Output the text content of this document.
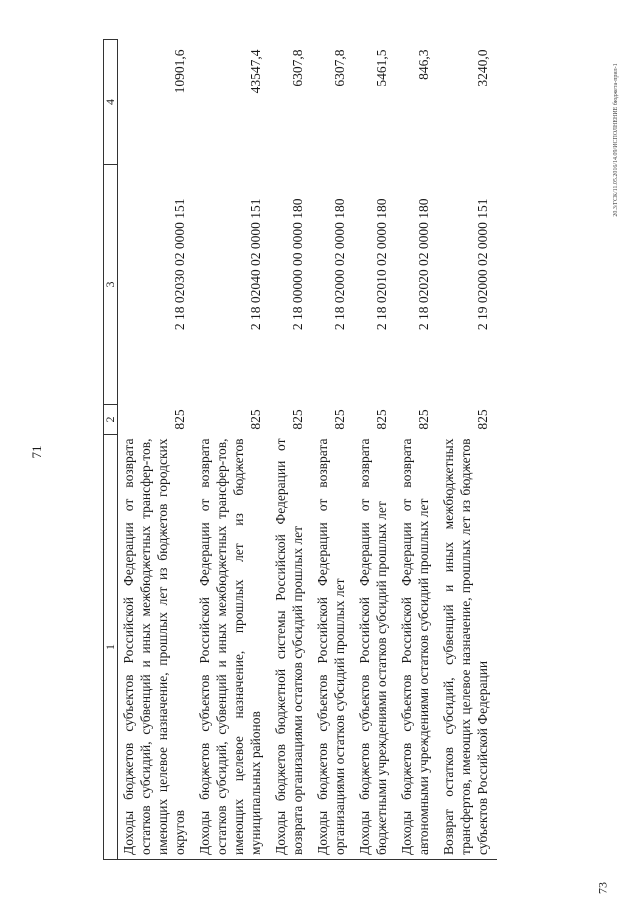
71
73
20.3/ГСК/11.05.2016/14.09/ИСПОЛНЕНИЕ бюджета-прил-1
1	2	3	4
Доходы бюджетов субъектов Российской Федерации от возврата остатков субсидий, субвенций и иных межбюджетных трансфер-тов, имеющих целевое назначение, прошлых лет из бюджетов городских округов	825	2 18 02030 02 0000 151	10901,6
Доходы бюджетов субъектов Российской Федерации от возврата остатков субсидий, субвенций и иных межбюджетных трансфер-тов, имеющих целевое назначение, прошлых лет из бюджетов муниципальных районов	825	2 18 02040 02 0000 151	43547,4
Доходы бюджетов бюджетной системы Российской Федерации от возврата организациями остатков субсидий прошлых лет	825	2 18 00000 00 0000 180	6307,8
Доходы бюджетов субъектов Российской Федерации от возврата организациями остатков субсидий прошлых лет	825	2 18 02000 02 0000 180	6307,8
Доходы бюджетов субъектов Российской Федерации от возврата бюджетными учреждениями остатков субсидий прошлых лет	825	2 18 02010 02 0000 180	5461,5
Доходы бюджетов субъектов Российской Федерации от возврата автономными учреждениями остатков субсидий прошлых лет	825	2 18 02020 02 0000 180	846,3
Возврат остатков субсидий, субвенций и иных межбюджетных трансфертов, имеющих целевое назначение, прошлых лет из бюджетов субъектов Российской Федерации	825	2 19 02000 02 0000 151	3240,0
